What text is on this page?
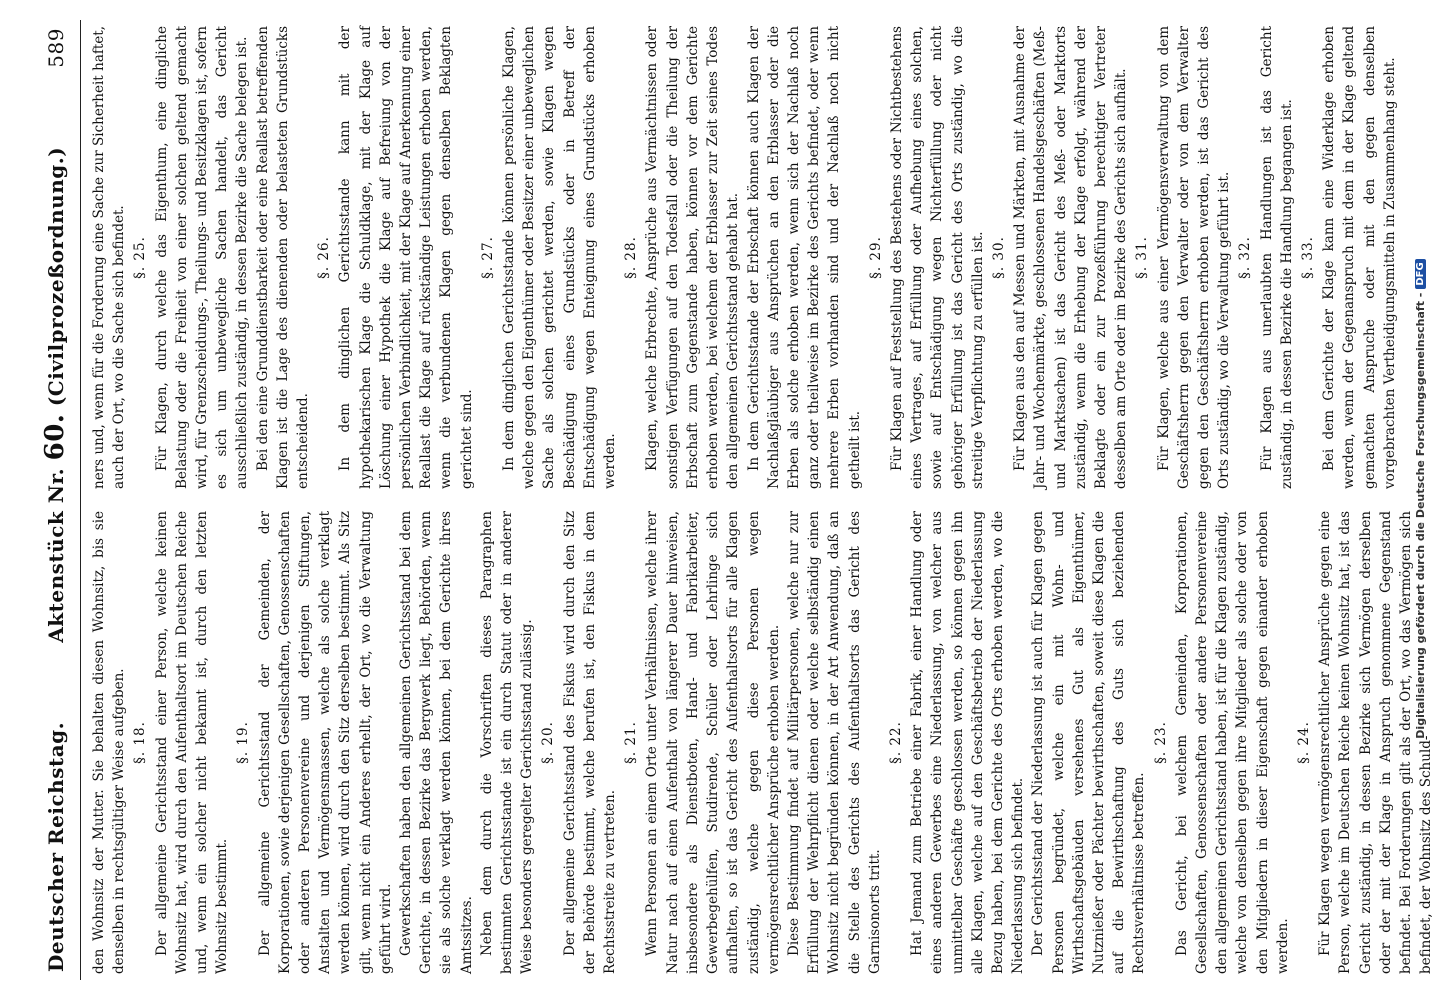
Deutscher Reichstag.
Aktenstück Nr. 60. (Civilprozeßordnung.)
589

den Wohnsitz der Mutter. Sie behalten diesen Wohnsitz, bis sie denselben in rechtsgültiger Weise aufgeben. §. 18. Der allgemeine Gerichtsstand einer Person, welche keinen Wohnsitz hat, wird durch den Aufenthaltsort im Deutschen Reiche und, wenn ein solcher nicht bekannt ist, durch den letzten Wohnsitz bestimmt.

§. 19. Der allgemeine Gerichtsstand der Gemeinden, der Korporationen, sowie derjenigen Gesellschaften, Genossenschaften oder anderen Personenvereine und derjenigen Stiftungen, Anstalten und Vermögensmassen, welche als solche verklagt werden können, wird durch den Sitz derselben bestimmt. Als Sitz gilt, wenn nicht ein Anderes erhellt, der Ort, wo die Verwaltung geführt wird. Gewerkschaften haben den allgemeinen Gerichtsstand bei dem Gerichte, in dessen Bezirke das Bergwerk liegt, Behörden, wenn sie als solche verklagt werden können, bei dem Gerichte ihres Amtssitzes. Neben dem durch die Vorschriften dieses Paragraphen bestimmten Gerichtsstande ist ein durch Statut oder in anderer Weise besonders geregelter Gerichtsstand zulässig. §. 20. Der allgemeine Gerichtsstand des Fiskus wird durch den Sitz der Behörde bestimmt, welche berufen ist, den Fiskus in dem Rechtsstreite zu vertreten.

§. 21. Wenn Personen an einem Orte unter Verhältnissen, welche ihrer Natur nach auf einen Aufenthalt von längerer Dauer hinweisen, insbesondere als Dienstboten, Hand- und Fabrikarbeiter, Gewerbegehülfen, Studirende, Schüler oder Lehrlinge sich aufhalten, so ist das Gericht des Aufenthaltsorts für alle Klagen zuständig, welche gegen diese Personen wegen vermögensrechtlicher Ansprüche erhoben werden. Diese Bestimmung findet auf Militärpersonen, welche nur zur Erfüllung der Wehrpflicht dienen oder welche selbständig einen Wohnsitz nicht begründen können, in der Art Anwendung, daß an die Stelle des Gerichts des Aufenthaltsorts das Gericht des Garnisonorts tritt.

§. 22. Hat Jemand zum Betriebe einer Fabrik, einer Handlung oder eines anderen Gewerbes eine Niederlassung, von welcher aus unmittelbar Geschäfte geschlossen werden, so können gegen ihn alle Klagen, welche auf den Geschäftsbetrieb der Niederlassung Bezug haben, bei dem Gerichte des Orts erhoben werden, wo die Niederlassung sich befindet. Der Gerichtsstand der Niederlassung ist auch für Klagen gegen Personen begründet, welche ein mit Wohn- und Wirthschaftsgebäuden versehenes Gut als Eigenthümer, Nutznießer oder Pächter bewirthschaften, soweit diese Klagen die auf die Bewirthschaftung des Guts sich beziehenden Rechtsverhältnisse betreffen.

§. 23. Das Gericht, bei welchem Gemeinden, Korporationen, Gesellschaften, Genossenschaften oder andere Personenvereine den allgemeinen Gerichtsstand haben, ist für die Klagen zuständig, welche von denselben gegen ihre Mitglieder als solche oder von den Mitgliedern in dieser Eigenschaft gegen einander erhoben werden.

§. 24. Für Klagen wegen vermögensrechtlicher Ansprüche gegen eine Person, welche im Deutschen Reiche keinen Wohnsitz hat, ist das Gericht zuständig, in dessen Bezirke sich Vermögen derselben oder der mit der Klage in Anspruch genommene Gegenstand befindet. Bei Forderungen gilt als der Ort, wo das Vermögen sich befindet, der Wohnsitz des Schuld-

ners und, wenn für die Forderung eine Sache zur Sicherheit haftet, auch der Ort, wo die Sache sich befindet. §. 25. Für Klagen, durch welche das Eigenthum, eine dingliche Belastung oder die Freiheit von einer solchen geltend gemacht wird, für Grenzscheidungs-, Theilungs- und Besitzklagen ist, sofern es sich um unbewegliche Sachen handelt, das Gericht ausschließlich zuständig, in dessen Bezirke die Sache belegen ist. Bei den eine Grunddienstbarkeit oder eine Reallast betreffenden Klagen ist die Lage des dienenden oder belasteten Grundstücks entscheidend.

§. 26. In dem dinglichen Gerichtsstande kann mit der hypothekarischen Klage die Schuldklage, mit der Klage auf Löschung einer Hypothek die Klage auf Befreiung von der persönlichen Verbindlichkeit, mit der Klage auf Anerkennung einer Reallast die Klage auf rückständige Leistungen erhoben werden, wenn die verbundenen Klagen gegen denselben Beklagten gerichtet sind.

§. 27. In dem dinglichen Gerichtsstande können persönliche Klagen, welche gegen den Eigenthümer oder Besitzer einer unbeweglichen Sache als solchen gerichtet werden, sowie Klagen wegen Beschädigung eines Grundstücks oder in Betreff der Entschädigung wegen Enteignung eines Grundstücks erhoben werden.

§. 28. Klagen, welche Erbrechte, Ansprüche aus Vermächtnissen oder sonstigen Verfügungen auf den Todesfall oder die Theilung der Erbschaft zum Gegenstande haben, können vor dem Gerichte erhoben werden, bei welchem der Erblasser zur Zeit seines Todes den allgemeinen Gerichtsstand gehabt hat. In dem Gerichtsstande der Erbschaft können auch Klagen der Nachlaßgläubiger aus Ansprüchen an den Erblasser oder die Erben als solche erhoben werden, wenn sich der Nachlaß noch ganz oder theilweise im Bezirke des Gerichts befindet, oder wenn mehrere Erben vorhanden sind und der Nachlaß noch nicht getheilt ist.

§. 29. Für Klagen auf Feststellung des Bestehens oder Nichtbestehens eines Vertrages, auf Erfüllung oder Aufhebung eines solchen, sowie auf Entschädigung wegen Nichterfüllung oder nicht gehöriger Erfüllung ist das Gericht des Orts zuständig, wo die streitige Verpflichtung zu erfüllen ist. §. 30. Für Klagen aus den auf Messen und Märkten, mit Ausnahme der Jahr- und Wochenmärkte, geschlossenen Handelsgeschäften (Meß- und Marktsachen) ist das Gericht des Meß- oder Marktorts zuständig, wenn die Erhebung der Klage erfolgt, während der Beklagte oder ein zur Prozeßführung berechtigter Vertreter desselben am Orte oder im Bezirke des Gerichts sich aufhält. §. 31. Für Klagen, welche aus einer Vermögensverwaltung von dem Geschäftsherrn gegen den Verwalter oder von dem Verwalter gegen den Geschäftsherrn erhoben werden, ist das Gericht des Orts zuständig, wo die Verwaltung geführt ist. §. 32. Für Klagen aus unerlaubten Handlungen ist das Gericht zuständig, in dessen Bezirke die Handlung begangen ist. §. 33. Bei dem Gerichte der Klage kann eine Widerklage erhoben werden, wenn der Gegenanspruch mit dem in der Klage geltend gemachten Anspruche oder mit den gegen denselben vorgebrachten Vertheidigungsmitteln in Zusammenhang steht.

Digitalisierung gefördert durch die Deutsche Forschungsgemeinschaft -
DFG
